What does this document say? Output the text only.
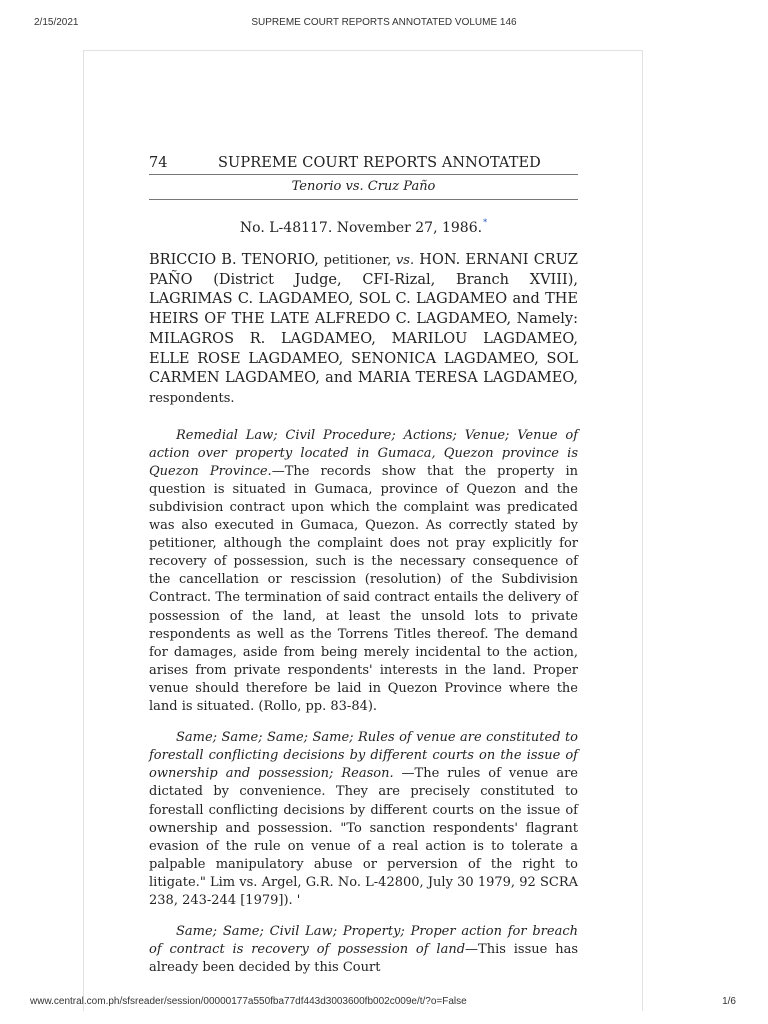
2/15/2021	SUPREME COURT REPORTS ANNOTATED VOLUME 146
74	SUPREME COURT REPORTS ANNOTATED
Tenorio vs. Cruz Paño
No. L-48117. November 27, 1986.*
BRICCIO B. TENORIO, petitioner, vs. HON. ERNANI CRUZ PAÑO (District Judge, CFI-Rizal, Branch XVIII), LAGRIMAS C. LAGDAMEO, SOL C. LAGDAMEO and THE HEIRS OF THE LATE ALFREDO C. LAGDAMEO, Namely: MILAGROS R. LAGDAMEO, MARILOU LAGDAMEO, ELLE ROSE LAGDAMEO, SENONICA LAGDAMEO, SOL CARMEN LAGDAMEO, and MARIA TERESA LAGDAMEO, respondents.

Remedial Law; Civil Procedure; Actions; Venue; Venue of action over property located in Gumaca, Quezon province is Quezon Province.—The records show that the property in question is situated in Gumaca, province of Quezon and the subdivision contract upon which the complaint was predicated was also executed in Gumaca, Quezon. As correctly stated by petitioner, although the complaint does not pray explicitly for recovery of possession, such is the necessary consequence of the cancellation or rescission (resolution) of the Subdivision Contract. The termination of said contract entails the delivery of possession of the land, at least the unsold lots to private respondents as well as the Torrens Titles thereof. The demand for damages, aside from being merely incidental to the action, arises from private respondents' interests in the land. Proper venue should therefore be laid in Quezon Province where the land is situated. (Rollo, pp. 83-84).

Same; Same; Same; Same; Rules of venue are constituted to forestall conflicting decisions by different courts on the issue of ownership and possession; Reason. —The rules of venue are dictated by convenience. They are precisely constituted to forestall conflicting decisions by different courts on the issue of ownership and possession. "To sanction respondents' flagrant evasion of the rule on venue of a real action is to tolerate a palpable manipulatory abuse or perversion of the right to litigate." Lim vs. Argel, G.R. No. L-42800, July 30 1979, 92 SCRA 238, 243-244 [1979]). '

Same; Same; Civil Law; Property; Proper action for breach of contract is recovery of possession of land—This issue has already been decided by this Court

www.central.com.ph/sfsreader/session/00000177a550fba77df443d3003600fb002c009e/t/?o=False	1/6
